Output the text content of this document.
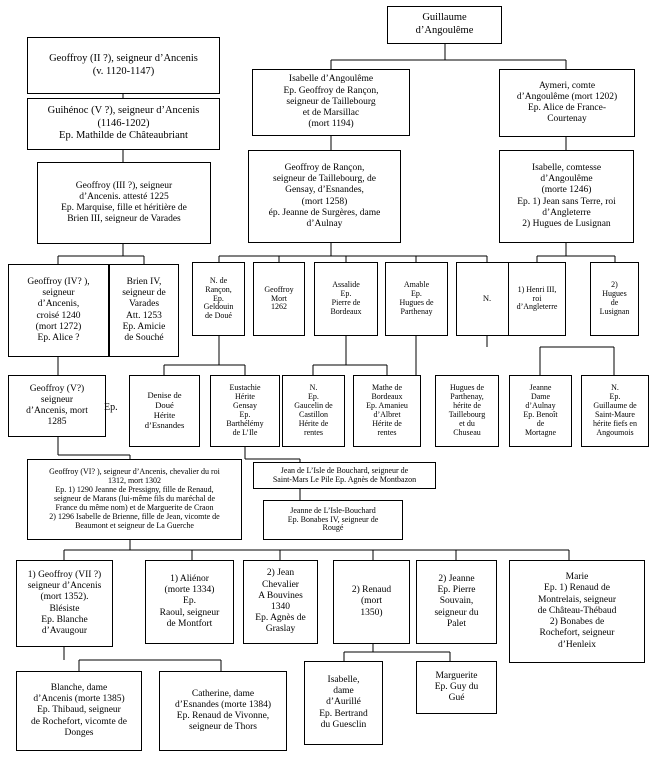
Guillaume
d’Angoulême
Geoffroy (II ?), seigneur d’Ancenis
(v. 1120-1147)
Isabelle d’Angoulême
Ep. Geoffroy de Rançon,
seigneur de Taillebourg
et de Marsillac
(mort 1194)
Aymeri, comte
d’Angoulême (mort 1202)
Ep. Alice de France-
Courtenay
Guihénoc (V ?), seigneur d’Ancenis
(1146-1202)
Ep. Mathilde de Châteaubriant
Geoffroy de Rançon,
seigneur de Taillebourg, de
Gensay, d’Esnandes,
(mort 1258)
ép. Jeanne de Surgères, dame
d’Aulnay
Isabelle, comtesse
d’Angoulême
(morte 1246)
Ep. 1) Jean sans Terre, roi
d’Angleterre
2) Hugues de Lusignan
Geoffroy (III ?), seigneur
d’Ancenis. attesté 1225
Ep. Marquise, fille et héritière de
Brien III, seigneur de Varades
Geoffroy (IV? ),
seigneur
d’Ancenis,
croisé 1240
(mort 1272)
Ep. Alice ?
Brien IV,
seigneur de
Varades
Att. 1253
Ep. Amicie
de Souché
N. de
Rançon,
Ep.
Geldouin
de Doué
Geoffroy
Mort
1262
Assalide
Ep.
Pierre de
Bordeaux
Amable
Ep.
Hugues de
Parthenay
N.
1) Henri III,
roi
d’Angleterre
2)
Hugues
de
Lusignan
Geoffroy (V?)
seigneur
d’Ancenis, mort
1285
Ep.
Denise de
Doué
Hérite
d’Esnandes
Eustachie
Hérite
Gensay
Ep.
Barthélémy
de L’Ile
N.
Ep.
Gaucelin de
Castillon
Hérite de
rentes
Mathe de
Bordeaux
Ep. Amanieu
d’Albret
Hérite de
rentes
Hugues de
Parthenay,
hérite de
Taillebourg
et du
Chuseau
Jeanne
Dame
d’Aulnay
Ep. Benoît
de
Mortagne
N.
Ep.
Guillaume de
Saint-Maure
hérite fiefs en
Angoumois
Geoffroy (VI? ), seigneur d’Ancenis, chevalier du roi
1312, mort 1302
Ep. 1) 1290 Jeanne de Pressigny, fille de Renaud,
seigneur de Marans (lui-même fils du maréchal de
France du même nom) et de Marguerite de Craon
2) 1296 Isabelle de Brienne, fille de Jean, vicomte de
Beaumont et seigneur de La Guerche
Jean de L’Isle de Bouchard, seigneur de
Saint-Mars Le Pile Ep. Agnès de Montbazon
Jeanne de L’Isle-Bouchard
Ep. Bonabes IV, seigneur de
Rougé
1) Geoffroy (VII ?)
seigneur d’Ancenis
(mort 1352).
Blésiste
Ep. Blanche
d’Avaugour
1) Aliénor
(morte 1334)
Ep.
Raoul, seigneur
de Montfort
2) Jean
Chevalier
A Bouvines
1340
Ep. Agnès de
Graslay
2) Renaud
(mort
1350)
2) Jeanne
Ep. Pierre
Souvain,
seigneur du
Palet
Marie
Ep. 1) Renaud de
Montrelais, seigneur
de Château-Thébaud
2) Bonabes de
Rochefort, seigneur
d’Henleix
Blanche, dame
d’Ancenis (morte 1385)
Ep. Thibaud, seigneur
de Rochefort, vicomte de
Donges
Catherine, dame
d’Esnandes (morte 1384)
Ep. Renaud de Vivonne,
seigneur de Thors
Isabelle,
dame
d’Aurillé
Ep. Bertrand
du Guesclin
Marguerite
Ep. Guy du
Gué
